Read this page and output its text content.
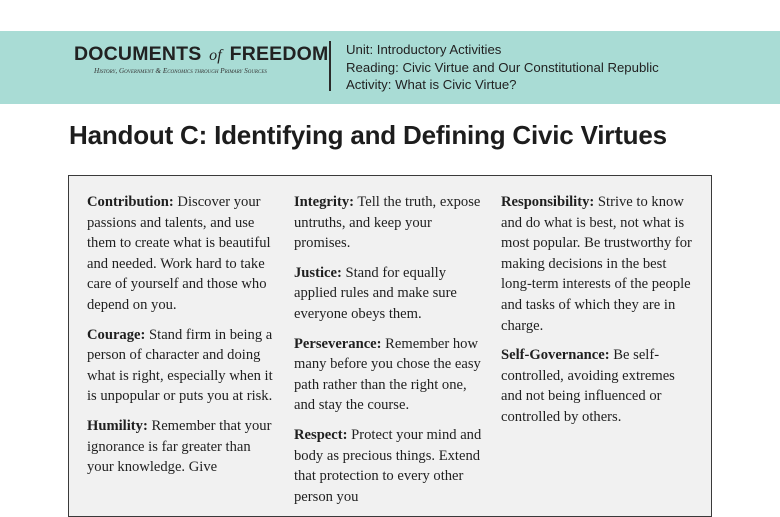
DOCUMENTS of FREEDOM
History, Government & Economics through Primary Sources
Unit: Introductory Activities
Reading: Civic Virtue and Our Constitutional Republic
Activity: What is Civic Virtue?
Handout C: Identifying and Defining Civic Virtues

Contribution: Discover your passions and talents, and use them to create what is beautiful and needed. Work hard to take care of yourself and those who depend on you.

Courage: Stand firm in being a person of character and doing what is right, especially when it is unpopular or puts you at risk.

Humility: Remember that your ignorance is far greater than your knowledge. Give

Integrity: Tell the truth, expose untruths, and keep your promises.

Justice: Stand for equally applied rules and make sure everyone obeys them.

Perseverance: Remember how many before you chose the easy path rather than the right one, and stay the course.

Respect: Protect your mind and body as precious things. Extend that protection to every other person you

Responsibility: Strive to know and do what is best, not what is most popular. Be trustworthy for making decisions in the best long-term interests of the people and tasks of which they are in charge.

Self-Governance: Be self-controlled, avoiding extremes and not being influenced or controlled by others.
